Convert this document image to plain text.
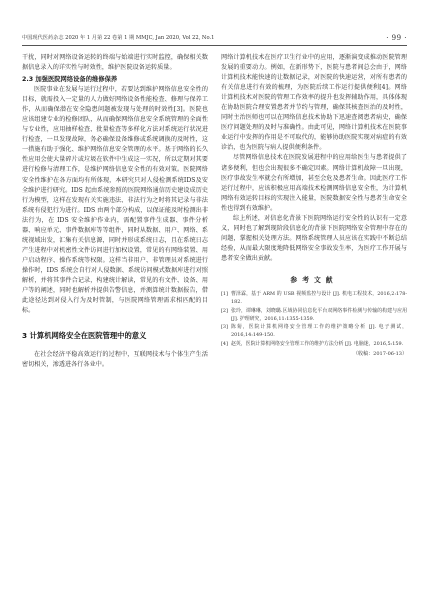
中国现代医药杂志 2020 年 1 月第 22 卷第 1 期 MMJC, Jan 2020, Vol 22, No.1	· 99 ·

干扰，同时对网络设备运转的终端与始端进行实时监控，确保相关数据信息录入的详实性与时效性，维护医院设备运转质量。

2.3 加强医院网络设备的维修保养

医院事业在发展与运行过程中，若要达到维护网络信息安全性的目标，就需投入一定量的人力做好网络设备性能检查、修理与保养工作，从而确保潜在安全隐患问题被发现与处理的时效性[3]。医院也应该组建专业的检修团队，从而确保网络信息安全系统管理的全面性与专业性，应用抽样检查、批量检查等多样化方法对系统运行状况进行检查，一旦发现故障，务必确保设备维修或系统调换的及时性，这一措施有助于强化、维护网络信息安全管理的水平。基于网络的长久性应用会使大量碎片或垃圾在软件中生成这一实况，所以定期对其要进行检修与清理工作，是维护网络信息安全性的有效对策。医院网络安全性维护在各方面均有所体现，本研究只对人侵检测系统IDS及安全维护进行研究。IDS 起由系统参照的医院网络通信历史建设成历史行为模型，这样在发现有关实施违法、非法行为之时将其记录与非法系统有侵犯行为进行。IDS 由两个部分构成，以保证能及时检测出非法行为，在 IDS 安全维护作业内，需配置事件生成器、事件分析器、响应单元、事件数据库等等组件，同时从数据、用户、网络、系统视域出发，汇集有关信息源，同时并形成系统日志，且在系统日志产生进程中对机密性文件访问进行加权设置，常见的有网络装置、用户启动程序、操作系统等权限。这样当非用户、非管理员对系统进行操作时，IDS 系统会自行对人侵数据、系统访问模式数据库进行对照解析，并将其事件合记录，构建统计解读，常见的有文件、设备、用户等的阐述，同时也解析并提供告警信息，并测算统计数据报告，借此途径达到对侵入行为及时管制，与医院网络管理需求相匹配的目标。

3 计算机网络安全在医院管理中的意义

在社会经济平稳高效运行的过程中，互联网技术与个体生产生活密切相关，渗透进各行各业中。

网络计算机技术在医疗卫生行业中的应用，逐渐演变成推动医院管理发展的重要动力。例如，在新形势下，医院与患者间总会由于，网络计算机技术能快速的让数据记录，对医院的快速运营，对所有患者的有关信息进行有效的梳理，为医院后续工作运行提供便利[4]。网络计算机技术对医院的管理工作效率的提升也发挥辅助作用，具体体现在协助医院合理安置患者并节约与管理，确保其核查医治的及时性，同时主治医师也可以在网络信息技术协助下迅速查阅患者病史，确保医疗问题处理的及时与准确性。由此可见，网络计算机技术在医院事业运行中发挥的作用是不可取代的，能够协助医院实现对病症的有效诊治，也为医院与病人提供便利条件。

尽管网络信息技术在医院发展进程中的应用给医生与患者提供了诸多便利，但也会出现很多不确定因素。网络计算机故障一旦出现，医疗事故发生率就会有所增加，甚至会危及患者生命。因此医疗工作运行过程中，应该积极应用高端技术检测网络信息安全性，为计算机网络有效运转目标的实现注入能量，医院数据安全性与患者生命安全性也得到有效维护。

综上所述，对信息化背景下医院网络运行安全性的认识有一定意义，同时也了解到现阶段信息化的背景下医院网络安全管理中存在的问题，掌握相关处理方法。网络系统管理人员应该在实践中不断总结经验，从而最大限度地降低网络安全事故发生率，为医疗工作开展与患者安全做出贡献。

参考文献
[1] 曹泽霖，基于 ARM 的 USB 视频监控与设计 [J]. 机电工程技术，2016,2:178-182.
[2] 张玲，谭琳琳，刘晓璐.区域协同信息化平台双网络事件检测与传输的构建与应用 [J]. 护理研究，2016,11:1355-1359.
[3] 陈菊，医院计算机网络安全管理工作的维护策略分析 [J]. 电子测试，2016,14:149-150.
[4] 赵英，医院计算机网络安全管理工作的维护方法分析 [J]. 电脑迷，2016,5:159.
（收稿：2017-06-13）
